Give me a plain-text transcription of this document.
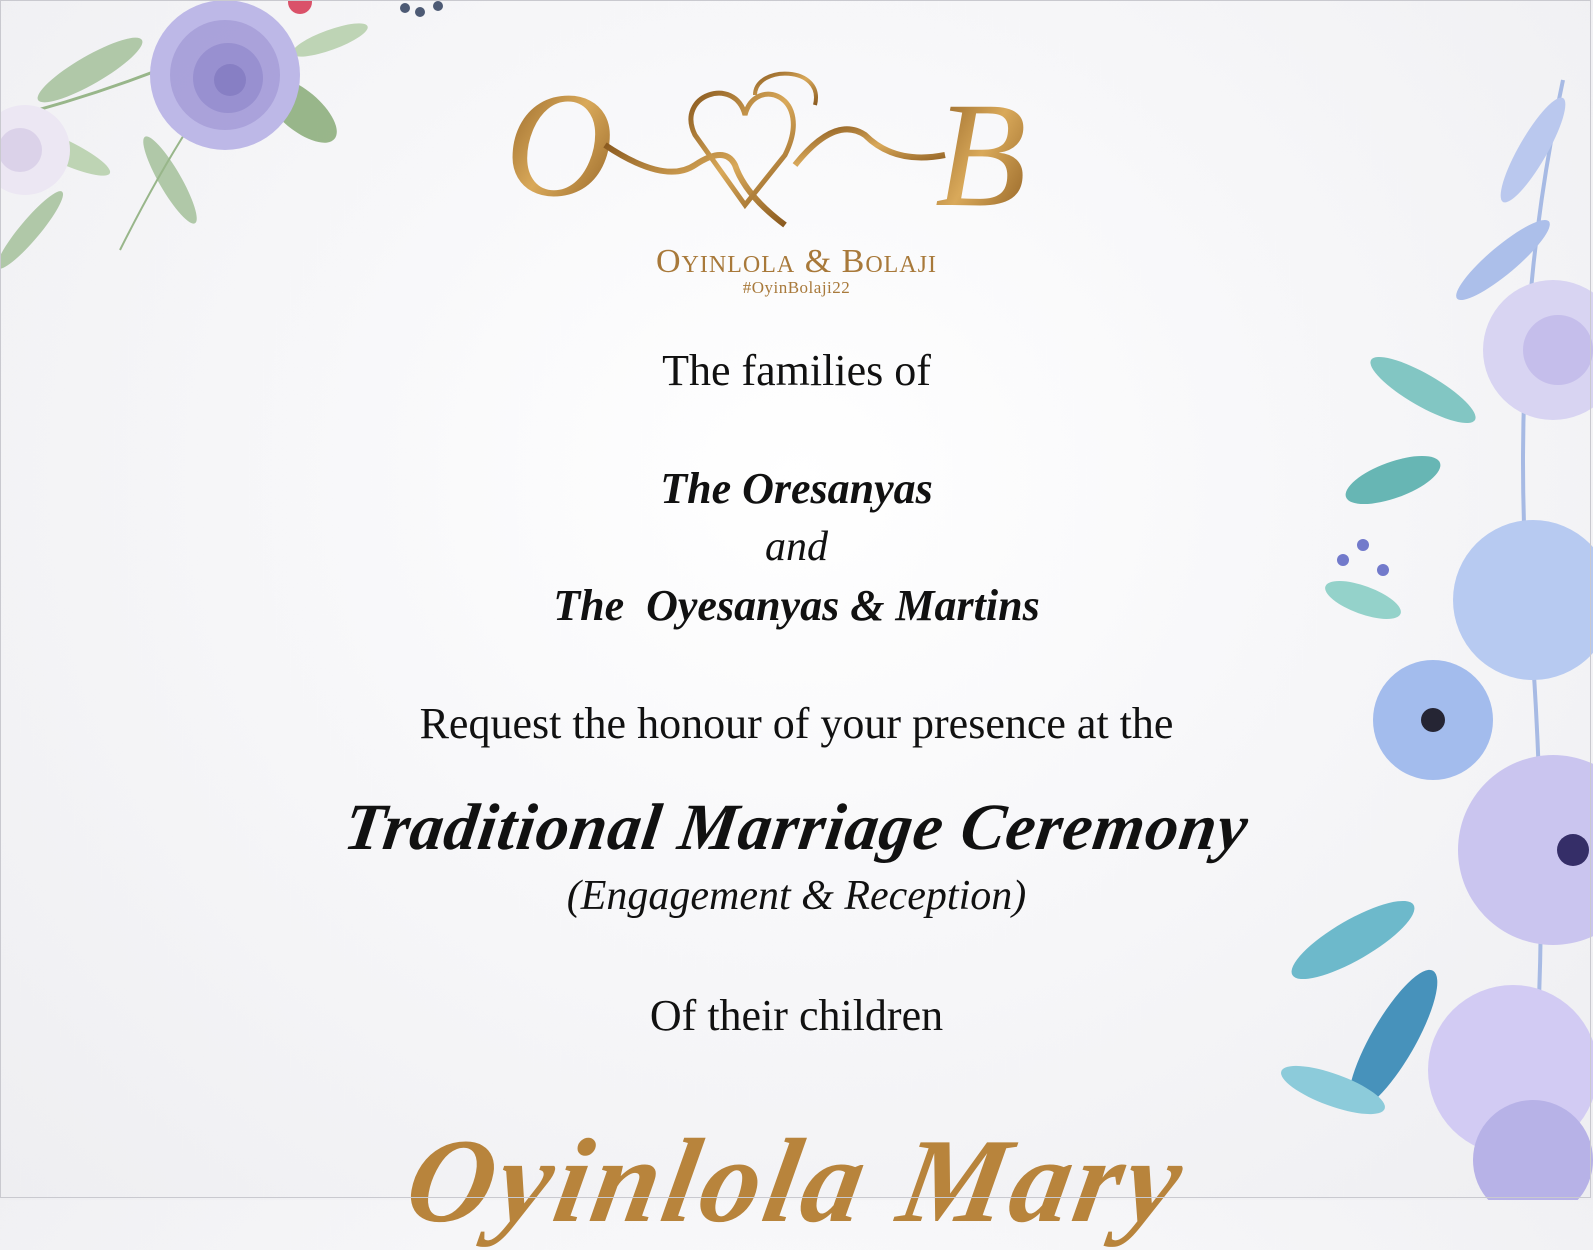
O B
Oyinlola & Bolaji
#OyinBolaji22
The families of
The Oresanyas
and
The  Oyesanyas & Martins
Request the honour of your presence at the
Traditional Marriage Ceremony
(Engagement & Reception)
Of their children
Oyinlola Mary
